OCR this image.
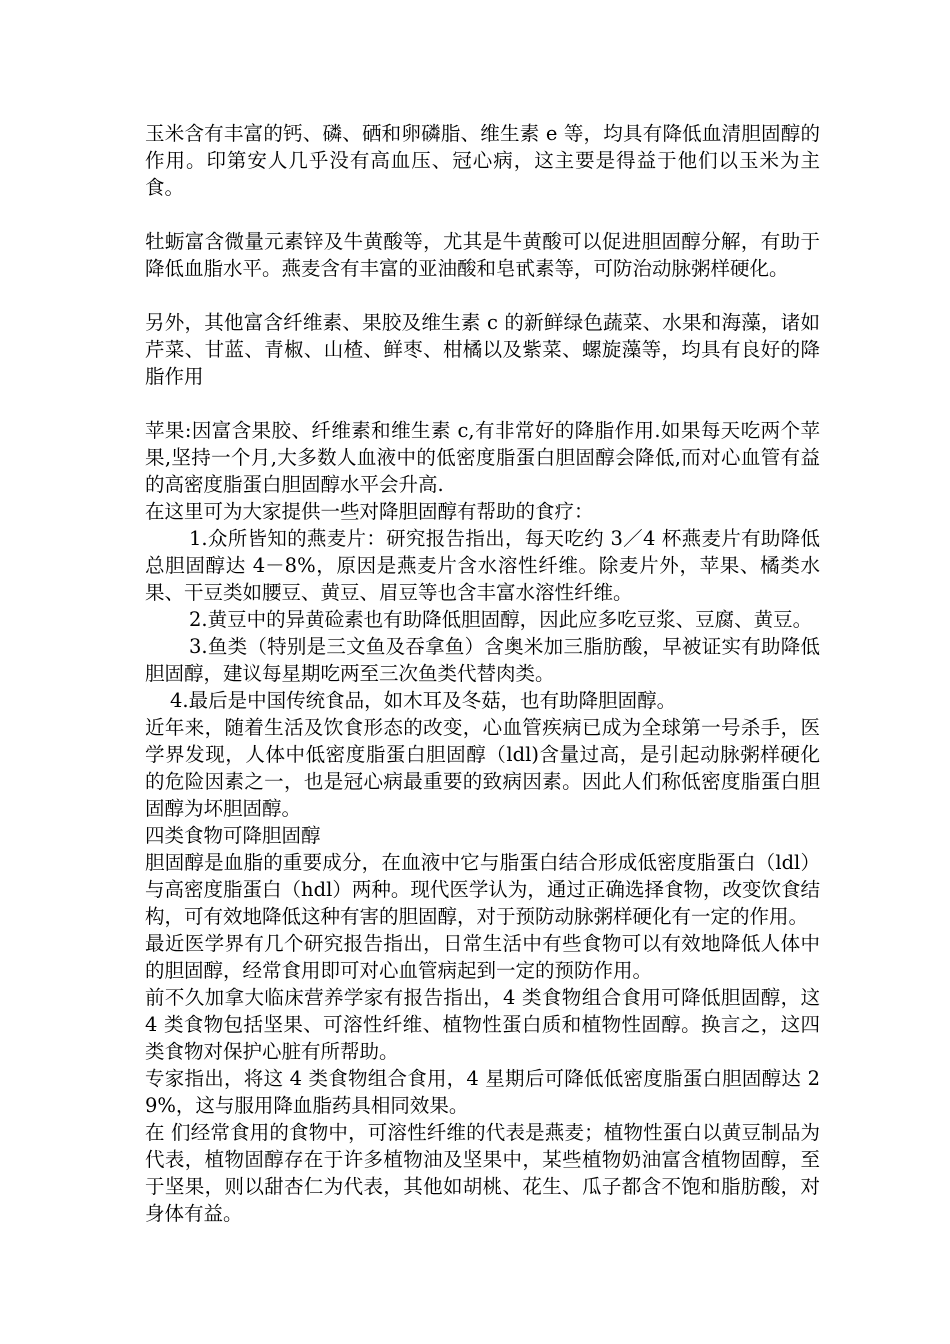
玉米含有丰富的钙、磷、硒和卵磷脂、维生素 e 等，均具有降低血清胆固醇的作用。印第安人几乎没有高血压、冠心病，这主要是得益于他们以玉米为主食。

牡蛎富含微量元素锌及牛黄酸等，尤其是牛黄酸可以促进胆固醇分解，有助于降低血脂水平。燕麦含有丰富的亚油酸和皂甙素等，可防治动脉粥样硬化。

另外，其他富含纤维素、果胶及维生素 c 的新鲜绿色蔬菜、水果和海藻，诸如芹菜、甘蓝、青椒、山楂、鲜枣、柑橘以及紫菜、螺旋藻等，均具有良好的降脂作用

苹果:因富含果胶、纤维素和维生素 c,有非常好的降脂作用.如果每天吃两个苹果,坚持一个月,大多数人血液中的低密度脂蛋白胆固醇会降低,而对心血管有益的高密度脂蛋白胆固醇水平会升高.

在这里可为大家提供一些对降胆固醇有帮助的食疗：

1.众所皆知的燕麦片：研究报告指出，每天吃约 3／4 杯燕麦片有助降低总胆固醇达 4－8%，原因是燕麦片含水溶性纤维。除麦片外，苹果、橘类水果、干豆类如腰豆、黄豆、眉豆等也含丰富水溶性纤维。

2.黄豆中的异黄硷素也有助降低胆固醇，因此应多吃豆浆、豆腐、黄豆。

3.鱼类（特别是三文鱼及吞拿鱼）含奥米加三脂肪酸，早被证实有助降低胆固醇，建议每星期吃两至三次鱼类代替肉类。

4.最后是中国传统食品，如木耳及冬菇，也有助降胆固醇。

近年来，随着生活及饮食形态的改变，心血管疾病已成为全球第一号杀手，医学界发现，人体中低密度脂蛋白胆固醇（ldl)含量过高，是引起动脉粥样硬化的危险因素之一，也是冠心病最重要的致病因素。因此人们称低密度脂蛋白胆固醇为坏胆固醇。

四类食物可降胆固醇

胆固醇是血脂的重要成分，在血液中它与脂蛋白结合形成低密度脂蛋白（ldl）与高密度脂蛋白（hdl）两种。现代医学认为，通过正确选择食物，改变饮食结构，可有效地降低这种有害的胆固醇，对于预防动脉粥样硬化有一定的作用。

最近医学界有几个研究报告指出，日常生活中有些食物可以有效地降低人体中的胆固醇，经常食用即可对心血管病起到一定的预防作用。

前不久加拿大临床营养学家有报告指出，4 类食物组合食用可降低胆固醇，这 4 类食物包括坚果、可溶性纤维、植物性蛋白质和植物性固醇。换言之，这四类食物对保护心脏有所帮助。

专家指出，将这 4 类食物组合食用，4 星期后可降低低密度脂蛋白胆固醇达 29%，这与服用降血脂药具相同效果。

在 们经常食用的食物中，可溶性纤维的代表是燕麦；植物性蛋白以黄豆制品为代表，植物固醇存在于许多植物油及坚果中，某些植物奶油富含植物固醇，至于坚果，则以甜杏仁为代表，其他如胡桃、花生、瓜子都含不饱和脂肪酸，对身体有益。
